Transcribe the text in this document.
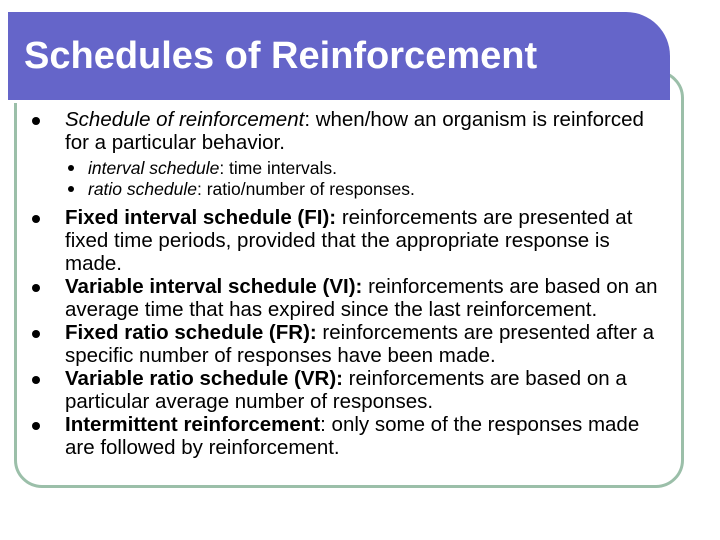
Schedules of Reinforcement
Schedule of reinforcement: when/how an organism is reinforced for a particular behavior.
interval schedule: time intervals.
ratio schedule: ratio/number of responses.
Fixed interval schedule (FI): reinforcements are presented at fixed time periods, provided that the appropriate response is made.
Variable interval schedule (VI): reinforcements are based on an average time that has expired since the last reinforcement.
Fixed ratio schedule (FR): reinforcements are presented after a specific number of responses have been made.
Variable ratio schedule (VR): reinforcements are based on a particular average number of responses.
Intermittent reinforcement: only some of the responses made are followed by reinforcement.
